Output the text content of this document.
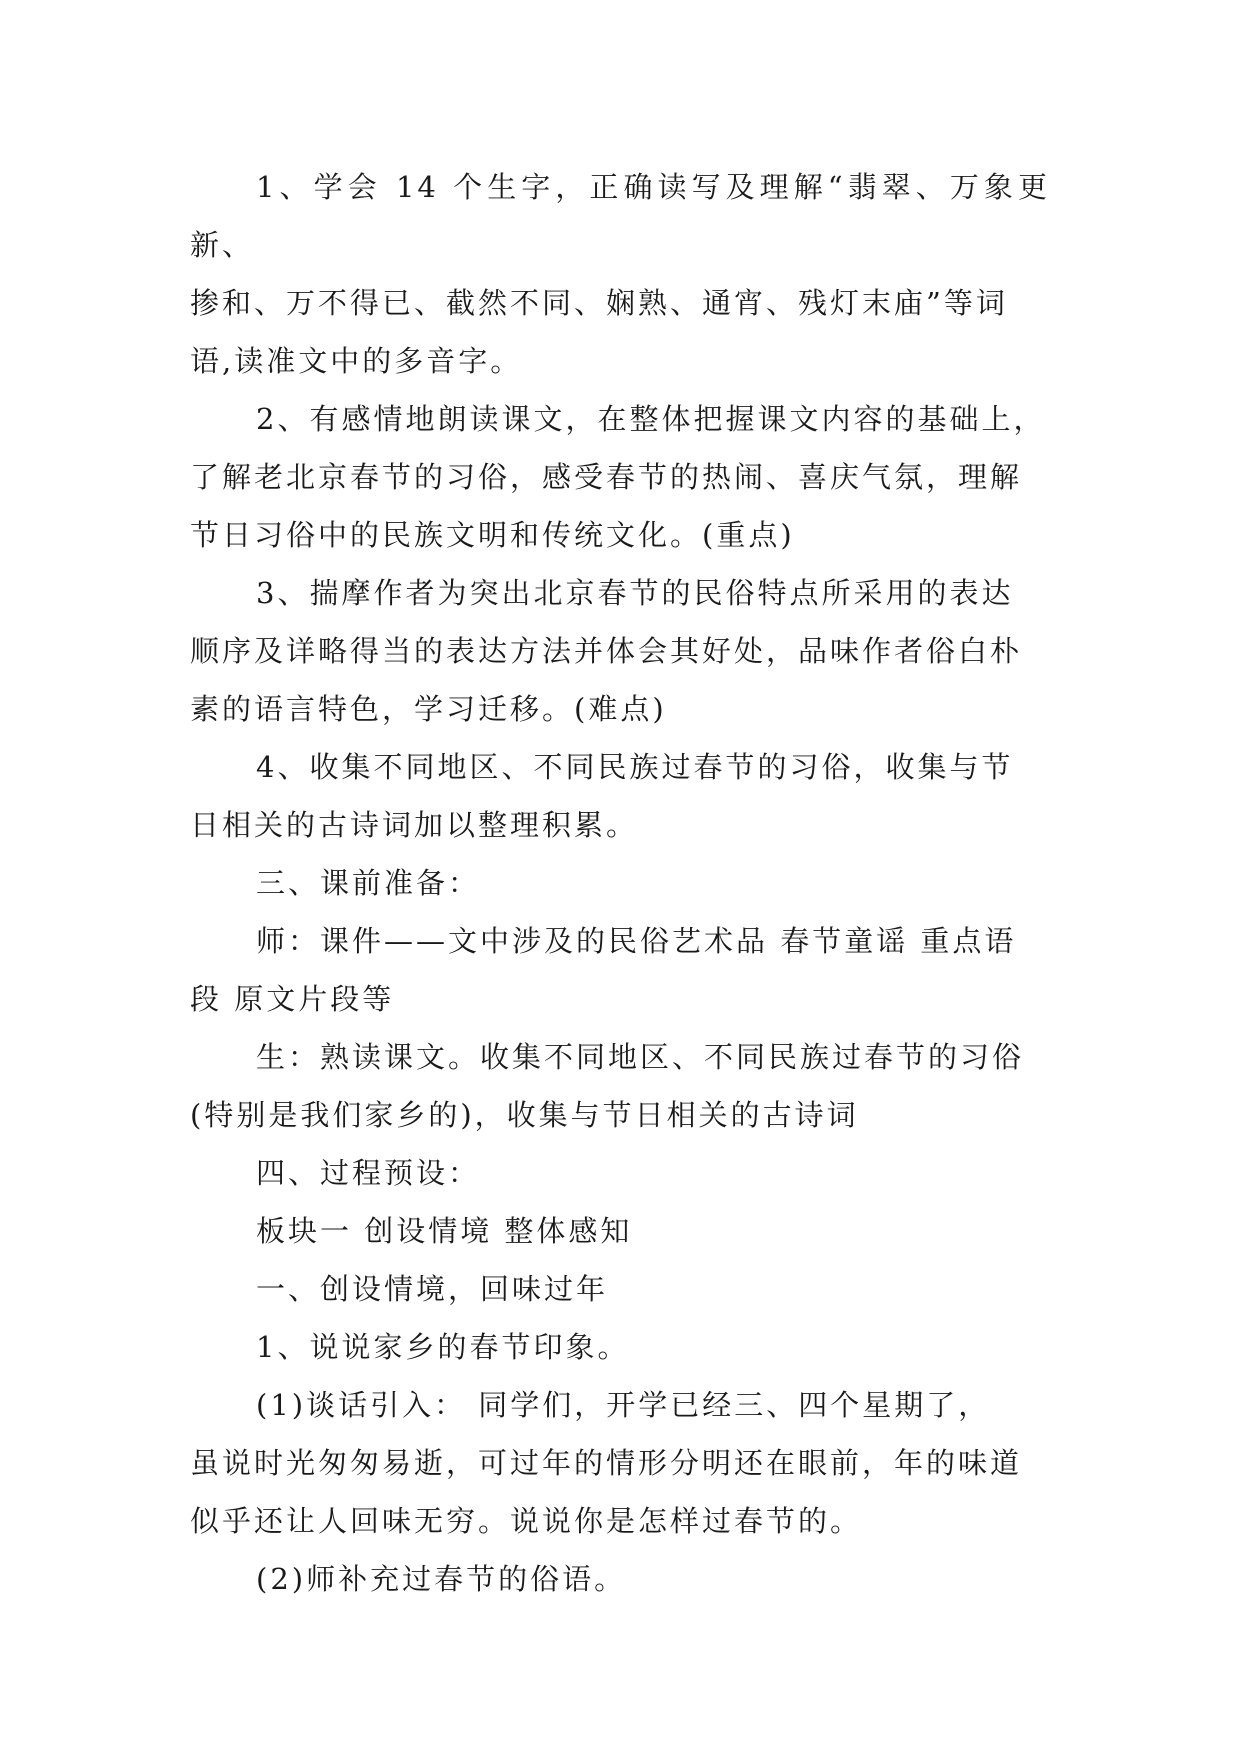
1、学会 14 个生字，正确读写及理解“翡翠、万象更新、
掺和、万不得已、截然不同、娴熟、通宵、残灯末庙”等词
语,读准文中的多音字。

2、有感情地朗读课文，在整体把握课文内容的基础上，
了解老北京春节的习俗，感受春节的热闹、喜庆气氛，理解
节日习俗中的民族文明和传统文化。(重点)

3、揣摩作者为突出北京春节的民俗特点所采用的表达
顺序及详略得当的表达方法并体会其好处，品味作者俗白朴
素的语言特色，学习迁移。(难点)

4、收集不同地区、不同民族过春节的习俗，收集与节
日相关的古诗词加以整理积累。

三、课前准备：

师：课件——文中涉及的民俗艺术品 春节童谣 重点语
段 原文片段等

生：熟读课文。收集不同地区、不同民族过春节的习俗
(特别是我们家乡的)，收集与节日相关的古诗词

四、过程预设：

板块一 创设情境 整体感知

一、创设情境，回味过年

1、说说家乡的春节印象。

(1)谈话引入： 同学们，开学已经三、四个星期了，
虽说时光匆匆易逝，可过年的情形分明还在眼前，年的味道
似乎还让人回味无穷。说说你是怎样过春节的。

(2)师补充过春节的俗语。
